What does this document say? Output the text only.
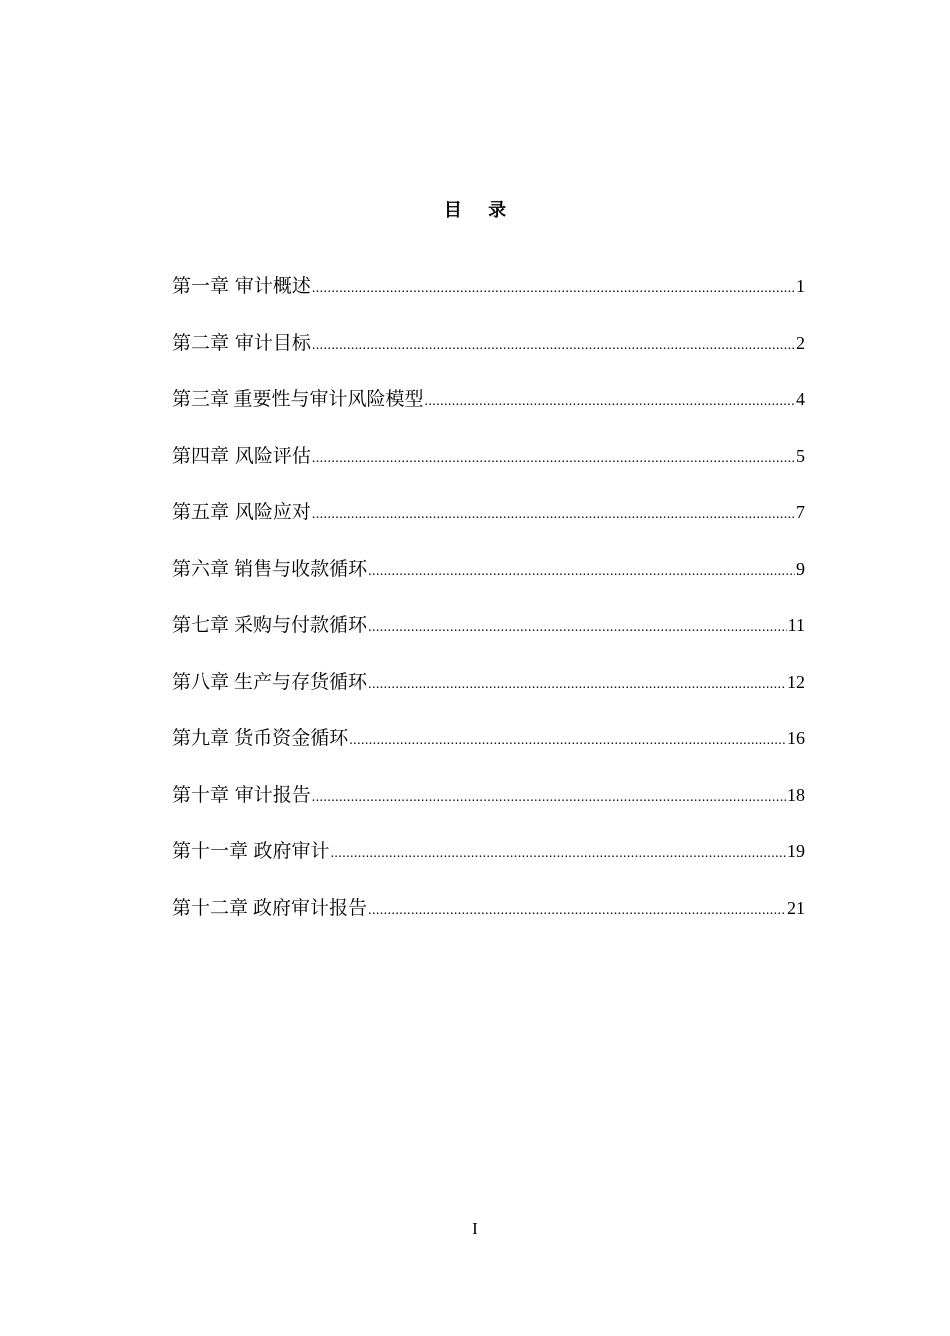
目 录
第一章 审计概述 .....	1
第二章 审计目标 .....	2
第三章 重要性与审计风险模型 .....	4
第四章 风险评估 .....	5
第五章 风险应对 .....	7
第六章 销售与收款循环 .....	9
第七章 采购与付款循环 .....	11
第八章 生产与存货循环 .....	12
第九章 货币资金循环 .....	16
第十章 审计报告 .....	18
第十一章 政府审计 .....	19
第十二章 政府审计报告 .....	21
I
